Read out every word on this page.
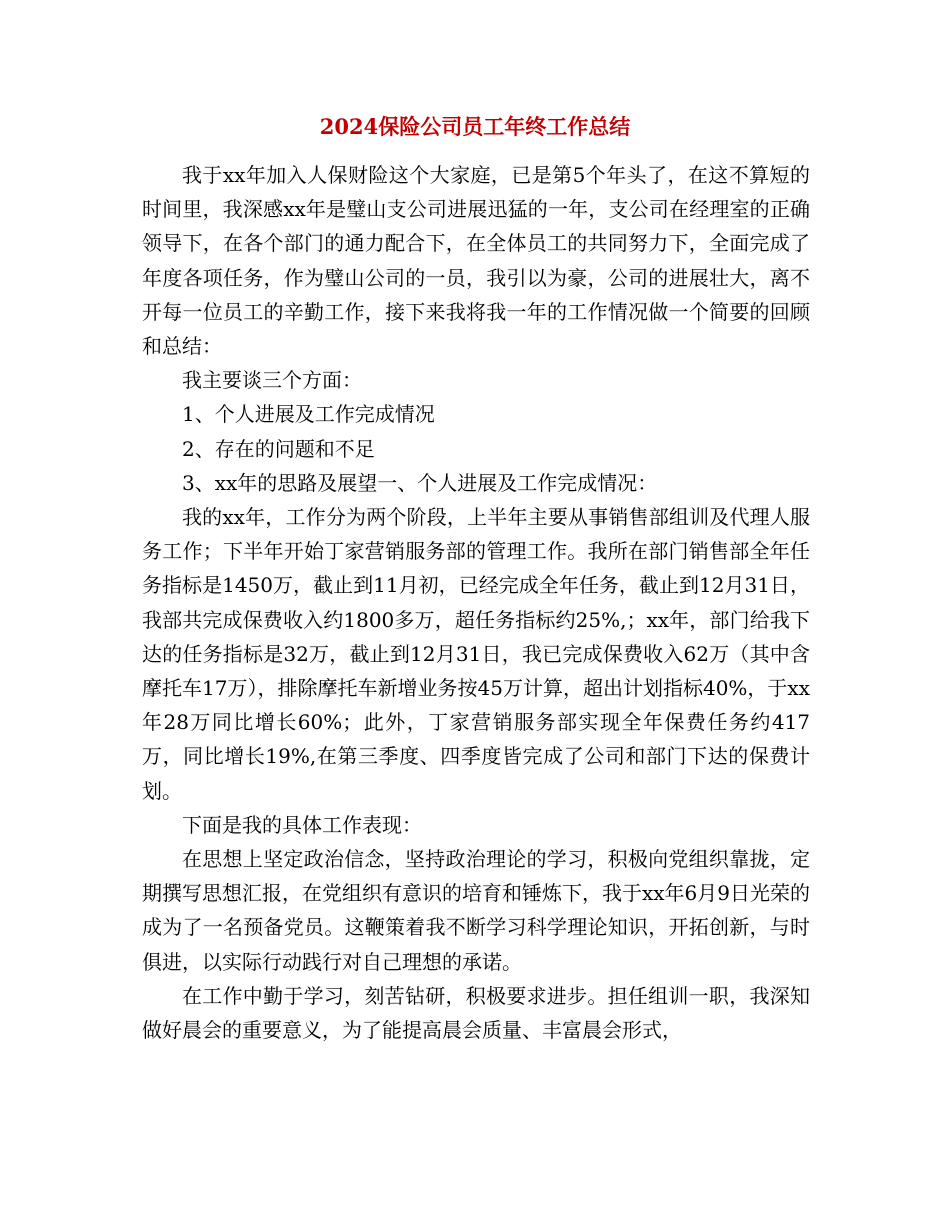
2024保险公司员工年终工作总结

我于xx年加入人保财险这个大家庭，已是第5个年头了，在这不算短的时间里，我深感xx年是璧山支公司进展迅猛的一年，支公司在经理室的正确领导下，在各个部门的通力配合下，在全体员工的共同努力下，全面完成了年度各项任务，作为璧山公司的一员，我引以为豪，公司的进展壮大，离不开每一位员工的辛勤工作，接下来我将我一年的工作情况做一个简要的回顾和总结：

我主要谈三个方面：

1、个人进展及工作完成情况

2、存在的问题和不足

3、xx年的思路及展望一、个人进展及工作完成情况：

我的xx年，工作分为两个阶段，上半年主要从事销售部组训及代理人服务工作；下半年开始丁家营销服务部的管理工作。我所在部门销售部全年任务指标是1450万，截止到11月初，已经完成全年任务，截止到12月31日，我部共完成保费收入约1800多万，超任务指标约25%,；xx年，部门给我下达的任务指标是32万，截止到12月31日，我已完成保费收入62万（其中含摩托车17万），排除摩托车新增业务按45万计算，超出计划指标40%，于xx年28万同比增长60%；此外，丁家营销服务部实现全年保费任务约417万，同比增长19%,在第三季度、四季度皆完成了公司和部门下达的保费计划。

下面是我的具体工作表现：

在思想上坚定政治信念，坚持政治理论的学习，积极向党组织靠拢，定期撰写思想汇报，在党组织有意识的培育和锤炼下，我于xx年6月9日光荣的成为了一名预备党员。这鞭策着我不断学习科学理论知识，开拓创新，与时俱进，以实际行动践行对自己理想的承诺。

在工作中勤于学习，刻苦钻研，积极要求进步。担任组训一职，我深知做好晨会的重要意义，为了能提高晨会质量、丰富晨会形式，
